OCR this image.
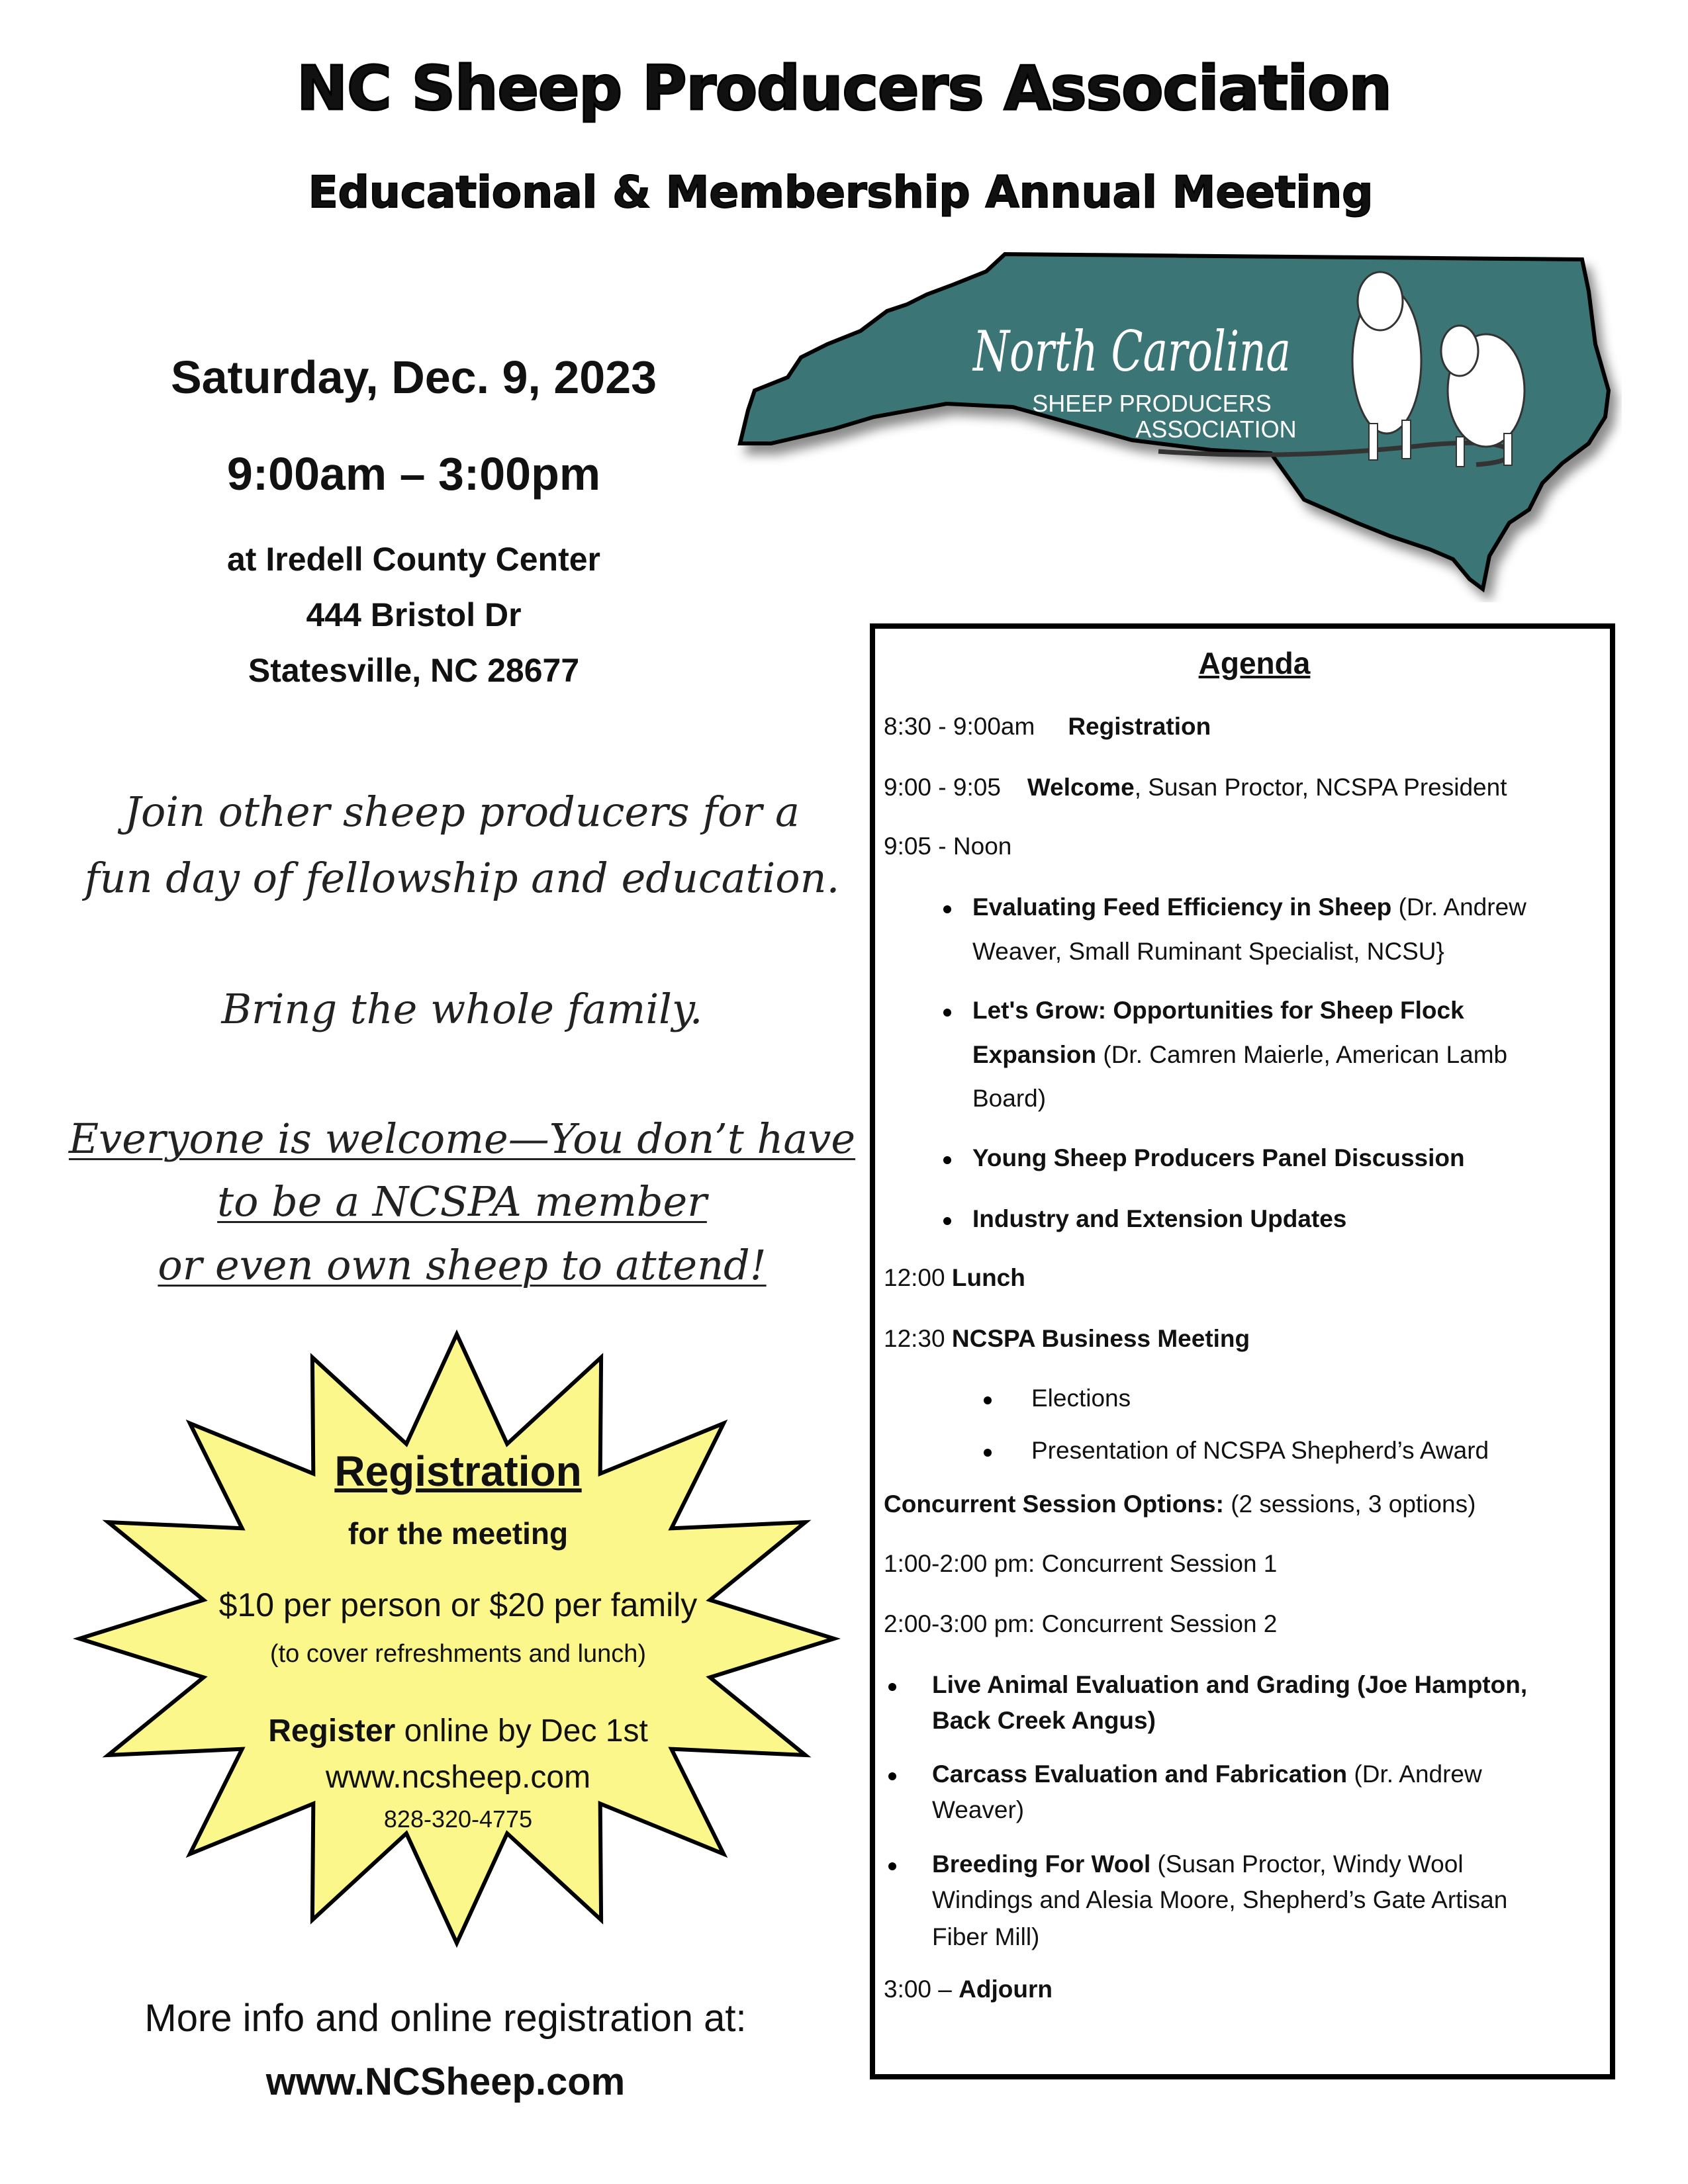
NC Sheep Producers Association
Educational & Membership Annual Meeting
North Carolina
SHEEP PRODUCERS
ASSOCIATION
Saturday, Dec. 9, 2023
9:00am – 3:00pm
at Iredell County Center
444 Bristol Dr
Statesville, NC 28677
Join other sheep producers for a
fun day of fellowship and education.
Bring the whole family.
Everyone is welcome—You don’t have
to be a NCSPA member
or even own sheep to attend!
Registration
for the meeting
$10 per person or $20 per family
(to cover refreshments and lunch)
Register online by Dec 1st
www.ncsheep.com
828-320-4775
More info and online registration at:
www.NCSheep.com
Agenda
8:30 - 9:00am Registration
9:00 - 9:05 Welcome, Susan Proctor, NCSPA President
9:05 - Noon
Evaluating Feed Efficiency in Sheep (Dr. Andrew
Weaver, Small Ruminant Specialist, NCSU}
Let's Grow: Opportunities for Sheep Flock
Expansion (Dr. Camren Maierle, American Lamb
Board)
Young Sheep Producers Panel Discussion
Industry and Extension Updates
12:00 Lunch
12:30 NCSPA Business Meeting
Elections
Presentation of NCSPA Shepherd’s Award
Concurrent Session Options: (2 sessions, 3 options)
1:00-2:00 pm: Concurrent Session 1
2:00-3:00 pm: Concurrent Session 2
Live Animal Evaluation and Grading (Joe Hampton,
Back Creek Angus)
Carcass Evaluation and Fabrication (Dr. Andrew
Weaver)
Breeding For Wool (Susan Proctor, Windy Wool
Windings and Alesia Moore, Shepherd’s Gate Artisan
Fiber Mill)
3:00 – Adjourn
